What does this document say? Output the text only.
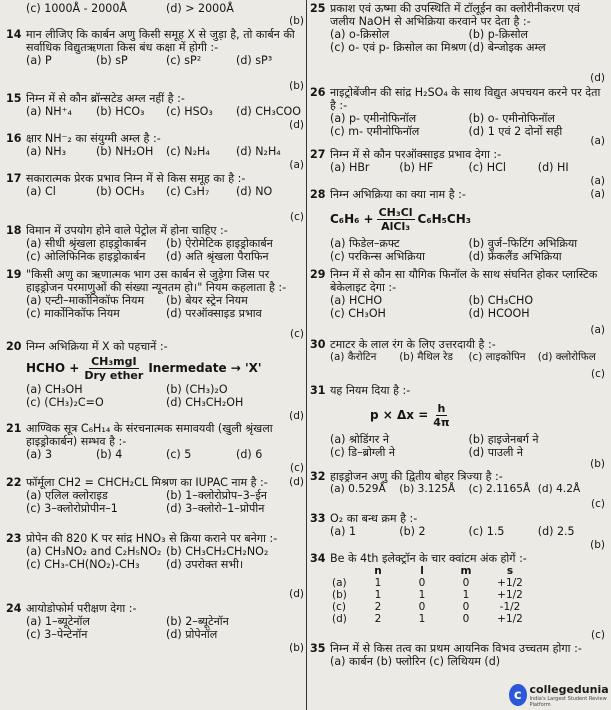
(c) 1000Å - 2000Å	(d) > 2000Å
(b)
14 मान लीजिए कि कार्बन अणु किसी समूह X से जुड़ा है, तो कार्बन की सर्वाधिक विद्युतऋणता किस बंध कक्षा में होगी :-
(a) P	(b) sP	(c) sP²	(d) sP³
(b)
15 निम्न में से कौन ब्रॉन्सटेड अम्ल नहीं है :-
(a) NH⁺₄	(b) HCO₃	(c) HSO₃	(d) CH₃COO
(d)
16 क्षार NH⁻₂ का संयुग्मी अम्ल है :-
(a) NH₃	(b) NH₂OH	(c) N₂H₄	(d) N₂H₄
(a)
17 सकारात्मक प्रेरक प्रभाव निम्न में से किस समूह का है :-
(a) Cl	(b) OCH₃	(c) C₃H₇	(d) NO
(c)
18 विमान में उपयोग होने वाले पेट्रोल में होना चाहिए :-
(a) सीधी श्रृंखला हाइड्रोकार्बन	(b) ऐरोमेटिक हाइड्रोकार्बन
(c) ओलिफिनिक हाइड्रोकार्बन	(d) अति श्रृंखला पैराफिन
19 "किसी अणु का ऋणात्मक भाग उस कार्बन से जुड़ेगा जिस पर हाइड्रोजन परमाणुओं की संख्या न्यूनतम हो।" नियम कहलाता है :-
(a) एन्टी–मार्कोनिकॉफ नियम	(b) बेयर स्ट्रेन नियम
(c) मार्कोनिकॉफ नियम	(d) परऑक्साइड प्रभाव
(c)
20 निम्न अभिक्रिया में X को पहचानें :-
HCHO + $\frac{\text{CH₃mgI}}{\text{Dry ether}}$ Inermedate → 'X'
(a) CH₃OH	(b) (CH₃)₂O
(c) (CH₃)₂C=O	(d) CH₃CH₂OH
(d)
21 आण्विक सूत्र C₆H₁₄ के संरचनात्मक समावयवी (खुली श्रृंखला हाइड्रोकार्बन) सम्भव है :-
(a) 3	(b) 4	(c) 5	(d) 6
(c)
22 फॉर्मूला CH2 = CHCH₂CL मिश्रण का IUPAC नाम है :-
(a) एलिल क्लोराइड	(b) 1–क्लोरोप्रोप–3–ईन
(c) 3–क्लोरोप्रोपीन–1	(d) 3–क्लोरो–1–प्रोपीन
(d)
23 प्रोपेन की 820 K पर सांद्र HNO₃ से क्रिया कराने पर बनेगा :-
(a) CH₃NO₂ and C₂H₅NO₂ (b) CH₃CH₂CH₂NO₂
(c) CH₃-CH(NO₂)-CH₃	(d) उपरोक्त सभी।
(d)
24 आयोडोफोर्म परीक्षण देगा :-
(a) 1–ब्यूटेनॉल	(b) 2–ब्यूटेनॉन
(c) 3–पेन्टेनॉन	(d) प्रोपेनॉल
(b)
25 प्रकाश एवं ऊष्मा की उपस्थिति में टॉलूईन का क्लोरीनीकरण एवं जलीय NaOH से अभिक्रिया करवाने पर देता है :-
(a) o-क्रिसोल	(b) p-क्रिसोल
(c) o- एवं p- क्रिसोल का मिश्रण (d) बेन्जोइक अम्ल
(d)
26 नाइट्रोबेंजीन की सांद्र H₂SO₄ के साथ विद्युत अपचयन करने पर देता है :-
(a) p- एमीनोफिनॉल	(b) o- एमीनोफिनॉल
(c) m- एमीनोफिनॉल	(d) 1 एवं 2 दोनों सही
(a)
27 निम्न में से कौन परऑक्साइड प्रभाव देगा :-
(a) HBr	(b) HF	(c) HCl	(d) HI
(a)
28 निम्न अभिक्रिया का क्या नाम है :-
$C_6H_6 + \frac{\text{CH₃Cl}}{\text{AlCl₃}} C_6H_5CH_3$
(a) फिडेल–क्रफ्ट	(b) वुर्ज–फिटिंग अभिक्रिया
(c) परकिन्स अभिक्रिया	(d) फ्रेंकलैंड अभिक्रिया
(a)
29 निम्न में से कौन सा यौगिक फिनॉल के साथ संघनित होकर प्लास्टिक बेकेलाइट देगा :-
(a) HCHO	(b) CH₃CHO
(c) CH₃OH	(d) HCOOH
(a)
30 टमाटर के लाल रंग के लिए उत्तरदायी है :-
(a) कैरोटिन	(b) मैथिल रेड	(c) लाइकोपिन	(d) क्लोरोफिल
(c)
31 यह नियम दिया है :-
$p \times \Delta x = \frac{h}{4\pi}$
(a) श्रोडिंगर ने	(b) हाइजेनबर्ग ने
(c) डि–ब्रोग्ली ने	(d) पाउली ने
(b)
32 हाइड्रोजन अणु की द्वितीय बोहर त्रिज्या है :-
(a) 0.529Å	(b) 3.125Å	(c) 2.1165Å (d) 4.2Å
(c)
33 O₂ का बन्ध क्रम है :-
(a) 1	(b) 2	(c) 1.5	(d) 2.5
(b)
34 Be के 4th इलेक्ट्रॉन के चार क्वांटम अंक होगें :-
	n	l	m	s
(a)	1	0	0	+1/2
(b)	1	1	1	+1/2
(c)	2	0	0	-1/2
(d)	2	1	0	+1/2
(c)
35 निम्न में से किस तत्व का प्रथम आयनिक विभव उच्चतम होगा :-
(a) कार्बन (b) फ्लोरिन (c) लिथियम (d)
c collegedunia
India's Largest Student Review Platform
